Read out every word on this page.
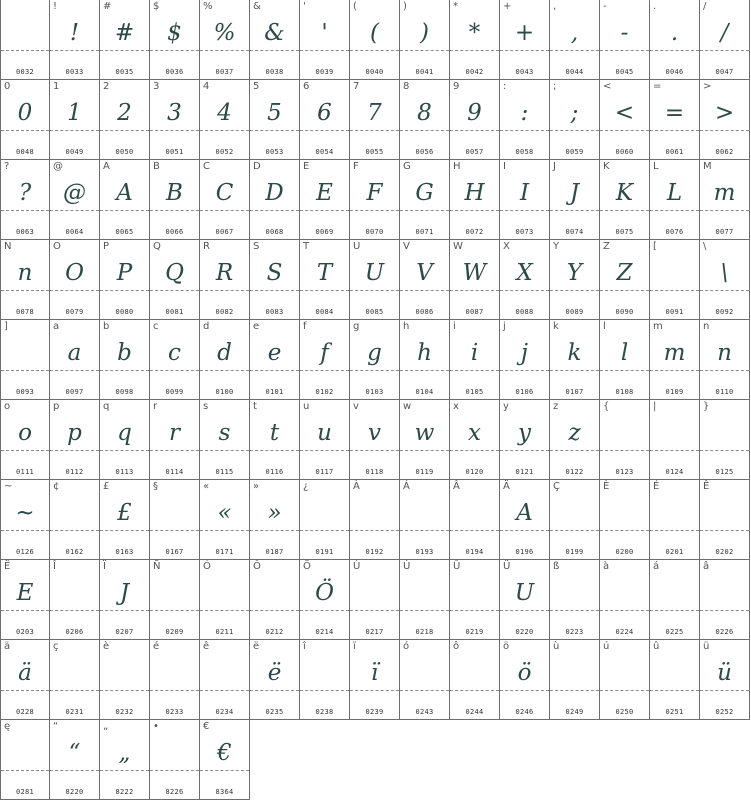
0032
!
!
0033
#
#
0035
$
$
0036
%
%
0037
&
&
0038
'
'
0039
(
(
0040
)
)
0041
*
*
0042
+
+
0043
,
,
0044
-
-
0045
.
.
0046
/
/
0047
0
0
0048
1
1
0049
2
2
0050
3
3
0051
4
4
0052
5
5
0053
6
6
0054
7
7
0055
8
8
0056
9
9
0057
:
:
0058
;
;
0059
<
<
0060
=
=
0061
>
>
0062
?
?
0063
@
@
0064
A
A
0065
B
B
0066
C
C
0067
D
D
0068
E
E
0069
F
F
0070
G
G
0071
H
H
0072
I
I
0073
J
J
0074
K
K
0075
L
L
0076
M
m
0077
N
n
0078
O
O
0079
P
P
0080
Q
Q
0081
R
R
0082
S
S
0083
T
T
0084
U
U
0085
V
V
0086
W
W
0087
X
X
0088
Y
Y
0089
Z
Z
0090
[
0091
\
\
0092
]
0093
a
a
0097
b
b
0098
c
c
0099
d
d
0100
e
e
0101
f
f
0102
g
g
0103
h
h
0104
i
i
0105
j
j
0106
k
k
0107
l
l
0108
m
m
0109
n
n
0110
o
o
0111
p
p
0112
q
q
0113
r
r
0114
s
s
0115
t
t
0116
u
u
0117
v
v
0118
w
w
0119
x
x
0120
y
y
0121
z
z
0122
{
0123
|
0124
}
0125
~
~
0126
¢
0162
£
£
0163
§
0167
«
«
0171
»
»
0187
¿
0191
À
0192
Á
0193
Â
0194
Ä
A
0196
Ç
0199
È
0200
É
0201
Ê
0202
Ë
E
0203
Î
0206
Ï
J
0207
Ñ
0209
Ó
0211
Ô
0212
Ö
Ö
0214
Ù
0217
Ú
0218
Û
0219
Ü
U
0220
ß
0223
à
0224
á
0225
â
0226
ä
ä
0228
ç
0231
è
0232
é
0233
ê
0234
ë
ë
0235
î
0238
ï
ï
0239
ó
0243
ô
0244
ö
ö
0246
ù
0249
ú
0250
û
0251
ü
ü
0252
ę
0281
“
“
8220
„
„
8222
•
8226
€
€
8364
